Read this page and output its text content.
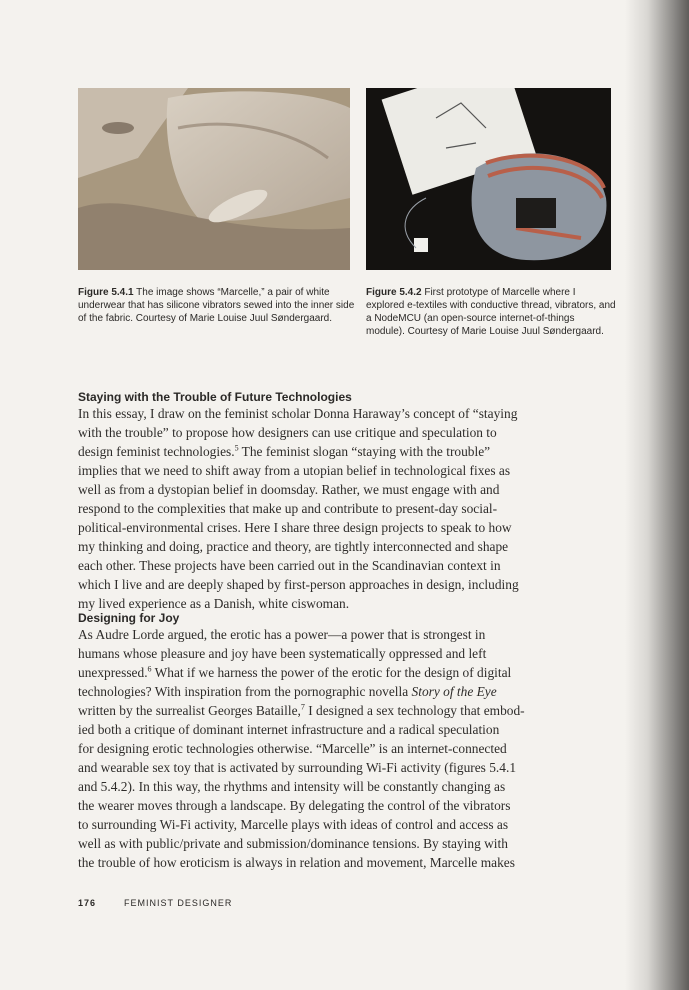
Figure 5.4.1 The image shows “Marcelle,” a pair of white underwear that has silicone vibrators sewed into the inner side of the fabric. Courtesy of Marie Louise Juul Søndergaard.
Figure 5.4.2 First prototype of Marcelle where I explored e-textiles with conductive thread, vibrators, and a NodeMCU (an open-source internet-of-things module). Courtesy of Marie Louise Juul Søndergaard.
Staying with the Trouble of Future Technologies
In this essay, I draw on the feminist scholar Donna Haraway’s concept of “staying
with the trouble” to propose how designers can use critique and speculation to
design feminist technologies.$^5$ The feminist slogan “staying with the trouble”
implies that we need to shift away from a utopian belief in technological fixes as
well as from a dystopian belief in doomsday. Rather, we must engage with and
respond to the complexities that make up and contribute to present-day social-
political-environmental crises. Here I share three design projects to speak to how
my thinking and doing, practice and theory, are tightly interconnected and shape
each other. These projects have been carried out in the Scandinavian context in
which I live and are deeply shaped by first-person approaches in design, including
my lived experience as a Danish, white ciswoman.
Designing for Joy
As Audre Lorde argued, the erotic has a power—a power that is strongest in
humans whose pleasure and joy have been systematically oppressed and left
unexpressed.$^6$ What if we harness the power of the erotic for the design of digital
technologies? With inspiration from the pornographic novella Story of the Eye
written by the surrealist Georges Bataille,$^7$ I designed a sex technology that embod-
ied both a critique of dominant internet infrastructure and a radical speculation
for designing erotic technologies otherwise. “Marcelle” is an internet-connected
and wearable sex toy that is activated by surrounding Wi-Fi activity (figures 5.4.1
and 5.4.2). In this way, the rhythms and intensity will be constantly changing as
the wearer moves through a landscape. By delegating the control of the vibrators
to surrounding Wi-Fi activity, Marcelle plays with ideas of control and access as
well as with public/private and submission/dominance tensions. By staying with
the trouble of how eroticism is always in relation and movement, Marcelle makes
176	FEMINIST DESIGNER
